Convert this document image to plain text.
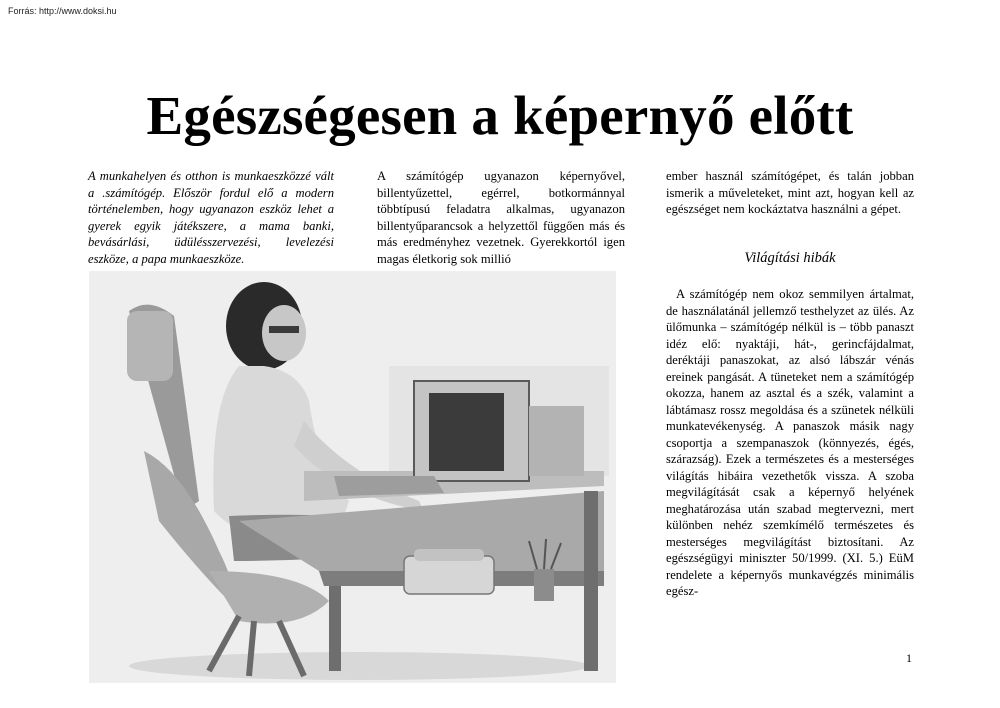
Forrás: http://www.doksi.hu
Egészségesen a képernyő előtt

A munkahelyen és otthon is munkaeszközzé vált a .számítógép. Először fordul elő a modern történelemben, hogy ugyanazon eszköz lehet a gyerek egyik játékszere, a mama banki, bevásárlási, üdülésszervezési, levelezési eszköze, a papa munkaeszköze.

A számítógép ugyanazon képernyővel, billentyűzettel, egérrel, botkormánnyal többtípusú feladatra alkalmas, ugyanazon billentyűparancsok a helyzettől függően más és más eredményhez vezetnek. Gyerekkortól igen magas életkorig sok millió

ember használ számítógépet, és talán jobban ismerik a műveleteket, mint azt, hogyan kell az egészséget nem kockáztatva használni a gépet.

Világítási hibák

A számítógép nem okoz semmilyen ártalmat, de használatánál jellemző testhelyzet az ülés. Az ülőmunka – számítógép nélkül is – több panaszt idéz elő: nyaktáji, hát-, gerincfájdalmat, deréktáji panaszokat, az alsó lábszár vénás ereinek pangását. A tüneteket nem a számítógép okozza, hanem az asztal és a szék, valamint a lábtámasz rossz megoldása és a szünetek nélküli munkatevékenység. A panaszok másik nagy csoportja a szempanaszok (könnyezés, égés, szárazság). Ezek a természetes és a mesterséges világítás hibáira vezethetők vissza. A szoba megvilágítását csak a képernyő helyének meghatározása után szabad megtervezni, mert különben nehéz szemkímélő természetes és mesterséges megvilágítást biztosítani. Az egészségügyi miniszter 50/1999. (XI. 5.) EüM rendelete a képernyős munkavégzés minimális egész-

1
